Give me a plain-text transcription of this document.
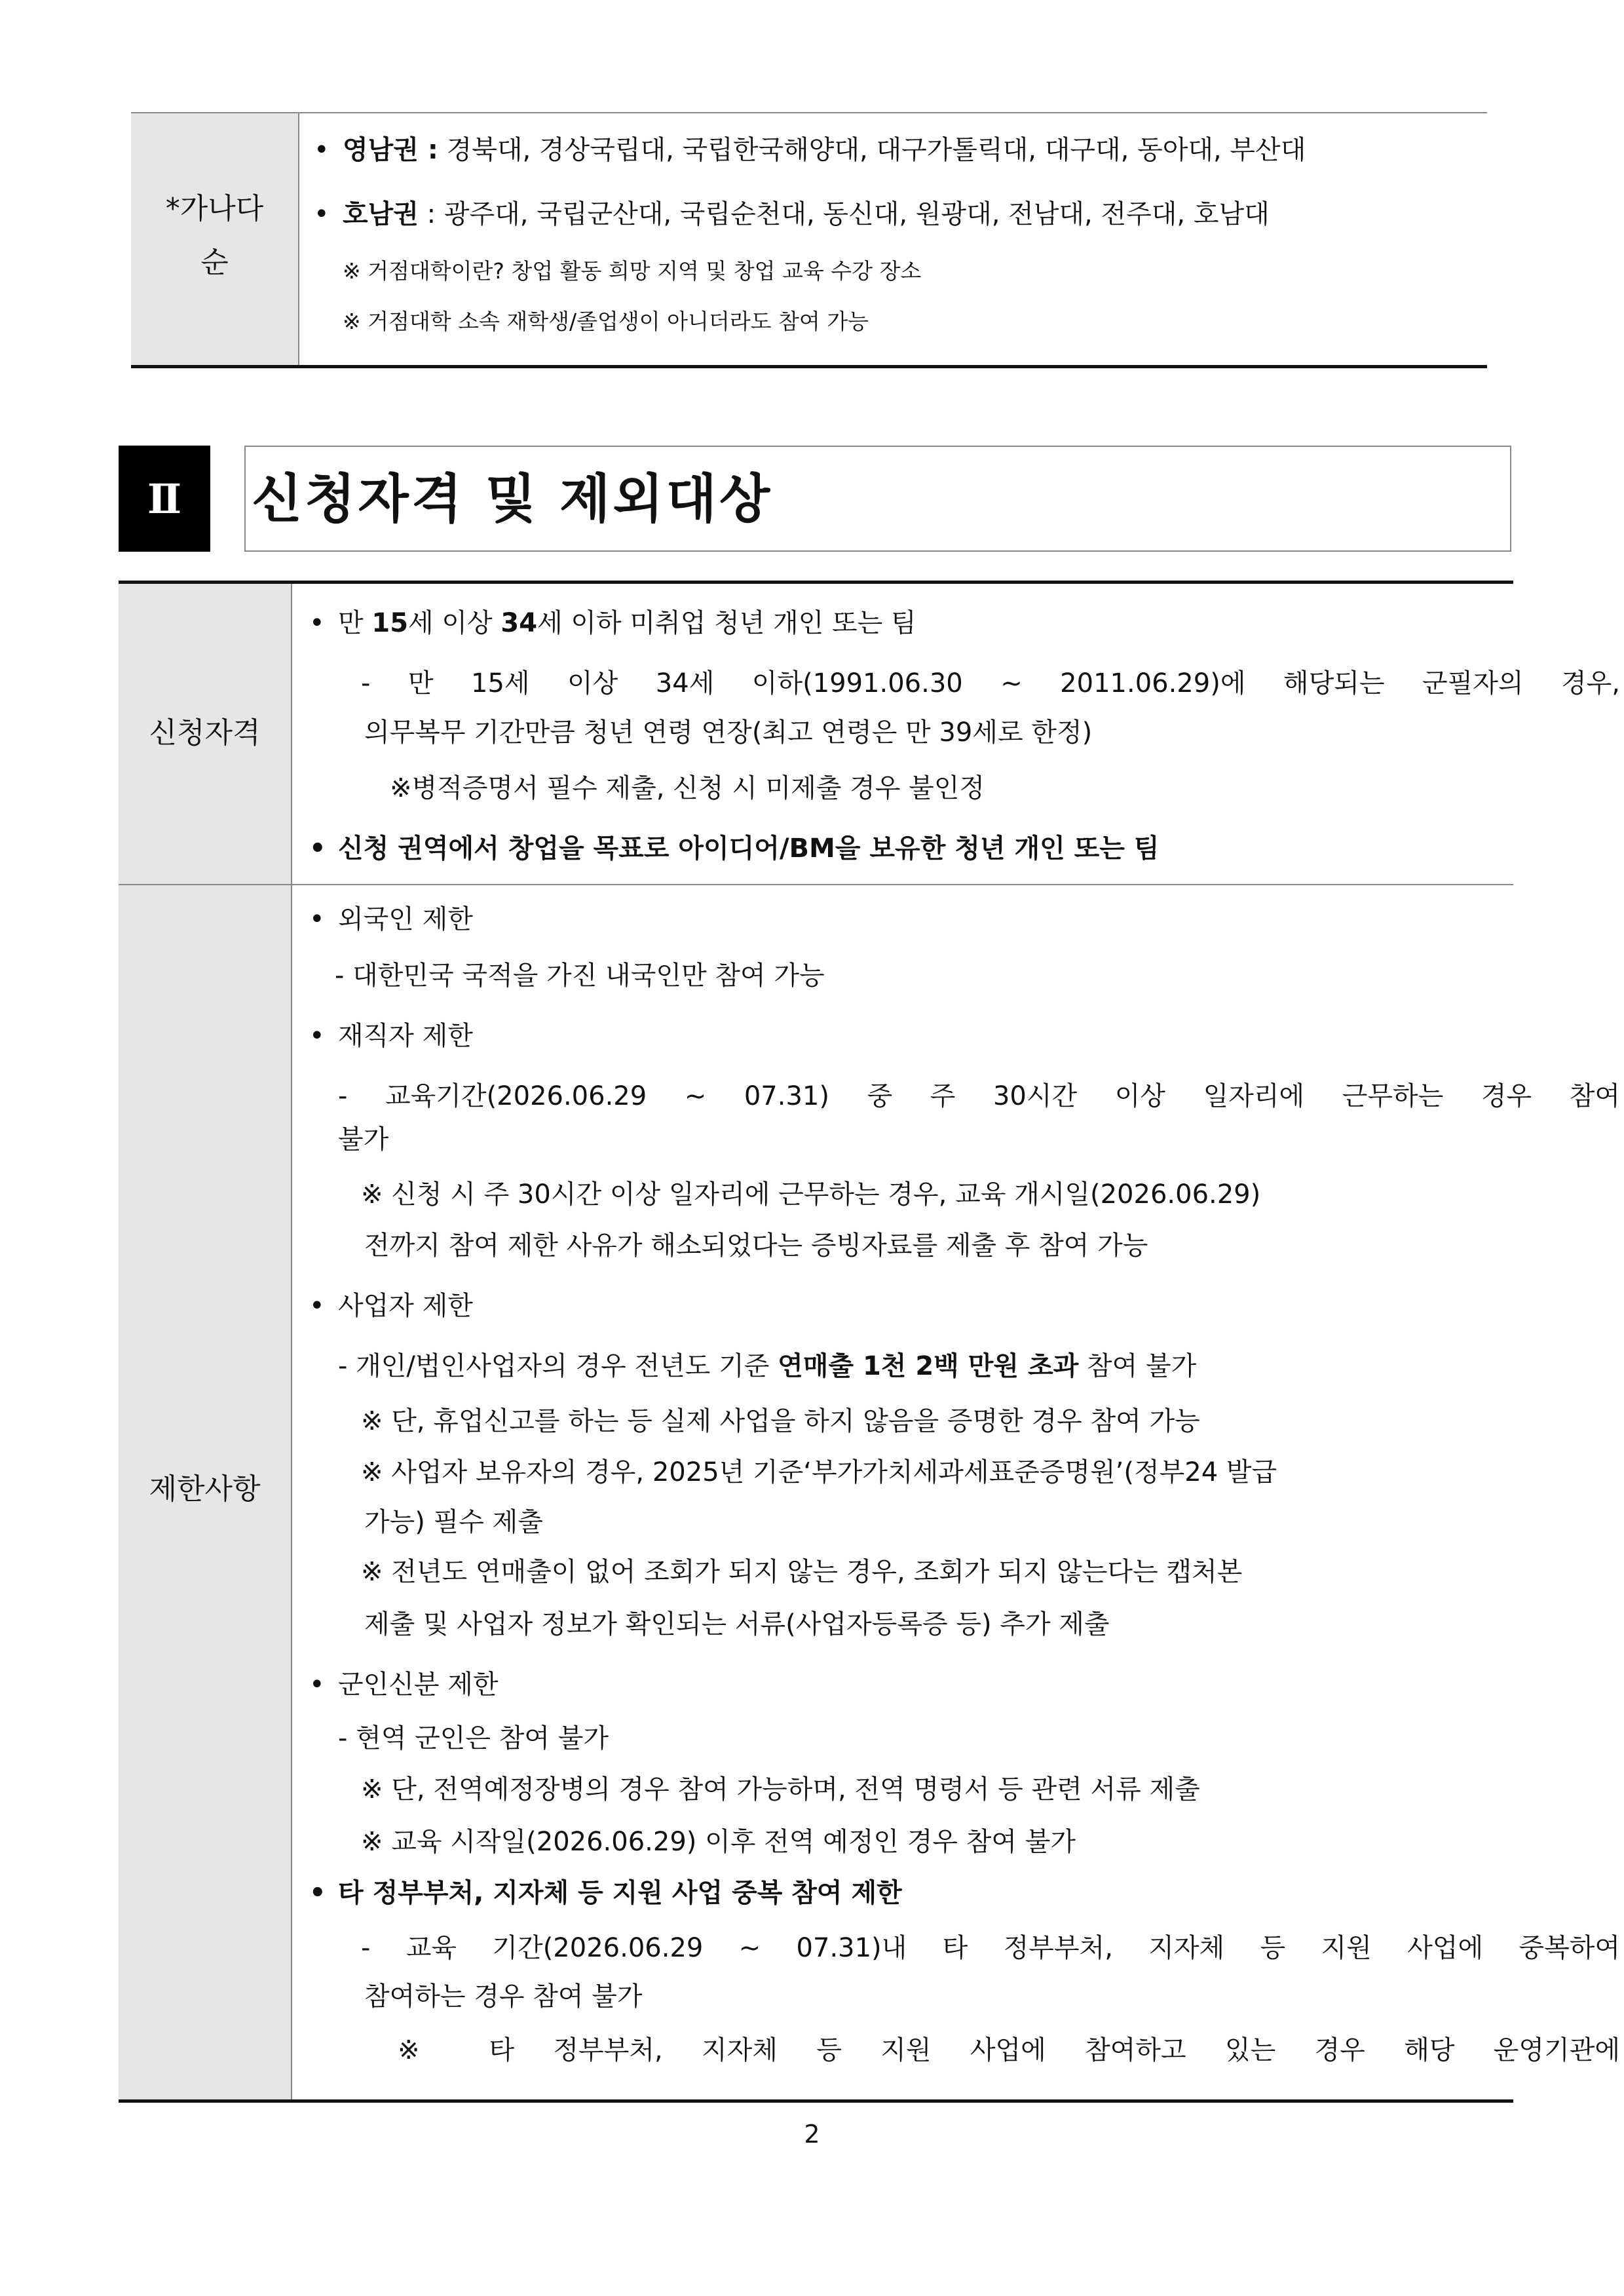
*가나다
순
• 영남권 : 경북대, 경상국립대, 국립한국해양대, 대구가톨릭대, 대구대, 동아대, 부산대
• 호남권 : 광주대, 국립군산대, 국립순천대, 동신대, 원광대, 전남대, 전주대, 호남대
※ 거점대학이란? 창업 활동 희망 지역 및 창업 교육 수강 장소
※ 거점대학 소속 재학생/졸업생이 아니더라도 참여 가능
Ⅱ 신청자격 및 제외대상
신청자격
제한사항
• 만 15세 이상 34세 이하 미취업 청년 개인 또는 팀
- 만 15세 이상 34세 이하(1991.06.30 ~ 2011.06.29)에 해당되는 군필자의 경우,
의무복무 기간만큼 청년 연령 연장(최고 연령은 만 39세로 한정)
※병적증명서 필수 제출, 신청 시 미제출 경우 불인정
• 신청 권역에서 창업을 목표로 아이디어/BM을 보유한 청년 개인 또는 팀
• 외국인 제한
- 대한민국 국적을 가진 내국인만 참여 가능
• 재직자 제한
- 교육기간(2026.06.29 ~ 07.31) 중 주 30시간 이상 일자리에 근무하는 경우 참여
불가
※ 신청 시 주 30시간 이상 일자리에 근무하는 경우, 교육 개시일(2026.06.29)
전까지 참여 제한 사유가 해소되었다는 증빙자료를 제출 후 참여 가능
• 사업자 제한
- 개인/법인사업자의 경우 전년도 기준 연매출 1천 2백 만원 초과 참여 불가
※ 단, 휴업신고를 하는 등 실제 사업을 하지 않음을 증명한 경우 참여 가능
※ 사업자 보유자의 경우, 2025년 기준‘부가가치세과세표준증명원’(정부24 발급
가능) 필수 제출
※ 전년도 연매출이 없어 조회가 되지 않는 경우, 조회가 되지 않는다는 캡처본
제출 및 사업자 정보가 확인되는 서류(사업자등록증 등) 추가 제출
• 군인신분 제한
- 현역 군인은 참여 불가
※ 단, 전역예정장병의 경우 참여 가능하며, 전역 명령서 등 관련 서류 제출
※ 교육 시작일(2026.06.29) 이후 전역 예정인 경우 참여 불가
• 타 정부부처, 지자체 등 지원 사업 중복 참여 제한
- 교육 기간(2026.06.29 ~ 07.31)내 타 정부부처, 지자체 등 지원 사업에 중복하여
참여하는 경우 참여 불가
※ 타 정부부처, 지자체 등 지원 사업에 참여하고 있는 경우 해당 운영기관에
2
